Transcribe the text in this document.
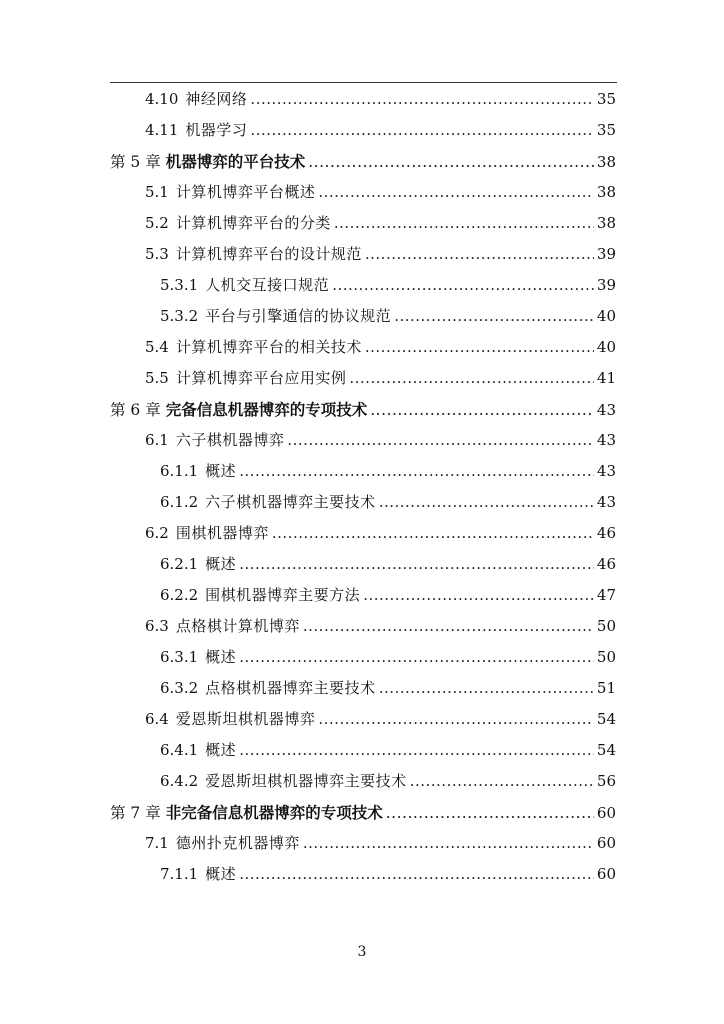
4.10 神经网络 .....	35
4.11 机器学习 .....	35
第 5 章 机器博弈的平台技术 .....	38
5.1 计算机博弈平台概述 .....	38
5.2 计算机博弈平台的分类 .....	38
5.3 计算机博弈平台的设计规范 .....	39
5.3.1 人机交互接口规范 .....	39
5.3.2 平台与引擎通信的协议规范 .....	40
5.4 计算机博弈平台的相关技术 .....	40
5.5 计算机博弈平台应用实例 .....	41
第 6 章 完备信息机器博弈的专项技术 .....	43
6.1 六子棋机器博弈 .....	43
6.1.1 概述 .....	43
6.1.2 六子棋机器博弈主要技术 .....	43
6.2 围棋机器博弈 .....	46
6.2.1 概述 .....	46
6.2.2 围棋机器博弈主要方法 .....	47
6.3 点格棋计算机博弈 .....	50
6.3.1 概述 .....	50
6.3.2 点格棋机器博弈主要技术 .....	51
6.4 爱恩斯坦棋机器博弈 .....	54
6.4.1 概述 .....	54
6.4.2 爱恩斯坦棋机器博弈主要技术 .....	56
第 7 章 非完备信息机器博弈的专项技术 .....	60
7.1 德州扑克机器博弈 .....	60
7.1.1 概述 .....	60
3
